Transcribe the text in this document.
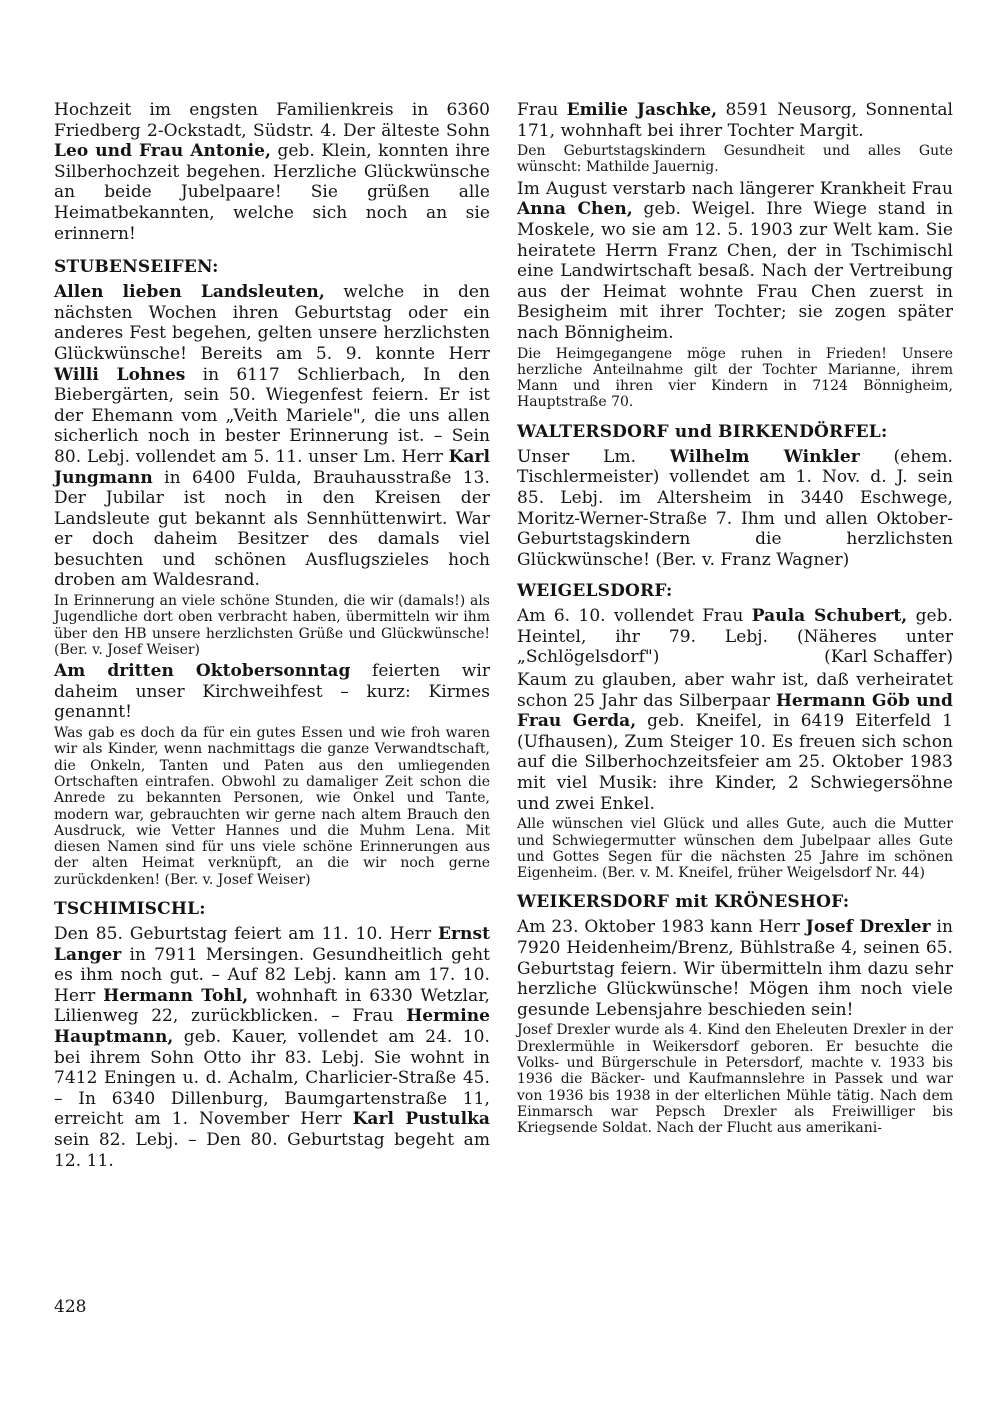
Hochzeit im engsten Familienkreis in 6360 Friedberg 2-Ockstadt, Südstr. 4. Der älteste Sohn Leo und Frau Antonie, geb. Klein, konnten ihre Silberhochzeit begehen. Herzliche Glückwünsche an beide Jubelpaare! Sie grüßen alle Heimatbekannten, welche sich noch an sie erinnern!

STUBENSEIFEN:

Allen lieben Landsleuten, welche in den nächsten Wochen ihren Geburtstag oder ein anderes Fest begehen, gelten unsere herzlichsten Glückwünsche! Bereits am 5. 9. konnte Herr Willi Lohnes in 6117 Schlierbach, In den Biebergärten, sein 50. Wiegenfest feiern. Er ist der Ehemann vom „Veith Mariele", die uns allen sicherlich noch in bester Erinnerung ist. – Sein 80. Lebj. vollendet am 5. 11. unser Lm. Herr Karl Jungmann in 6400 Fulda, Brauhausstraße 13. Der Jubilar ist noch in den Kreisen der Landsleute gut bekannt als Sennhüttenwirt. War er doch daheim Besitzer des damals viel besuchten und schönen Ausflugszieles hoch droben am Waldesrand.

In Erinnerung an viele schöne Stunden, die wir (damals!) als Jugendliche dort oben verbracht haben, übermitteln wir ihm über den HB unsere herzlichsten Grüße und Glückwünsche! (Ber. v. Josef Weiser)

Am dritten Oktobersonntag feierten wir daheim unser Kirchweihfest – kurz: Kirmes genannt!

Was gab es doch da für ein gutes Essen und wie froh waren wir als Kinder, wenn nachmittags die ganze Verwandtschaft, die Onkeln, Tanten und Paten aus den umliegenden Ortschaften eintrafen. Obwohl zu damaliger Zeit schon die Anrede zu bekannten Personen, wie Onkel und Tante, modern war, gebrauchten wir gerne nach altem Brauch den Ausdruck, wie Vetter Hannes und die Muhm Lena. Mit diesen Namen sind für uns viele schöne Erinnerungen aus der alten Heimat verknüpft, an die wir noch gerne zurückdenken! (Ber. v. Josef Weiser)

TSCHIMISCHL:

Den 85. Geburtstag feiert am 11. 10. Herr Ernst Langer in 7911 Mersingen. Gesundheitlich geht es ihm noch gut. – Auf 82 Lebj. kann am 17. 10. Herr Hermann Tohl, wohnhaft in 6330 Wetzlar, Lilienweg 22, zurückblicken. – Frau Hermine Hauptmann, geb. Kauer, vollendet am 24. 10. bei ihrem Sohn Otto ihr 83. Lebj. Sie wohnt in 7412 Eningen u. d. Achalm, Charlicier-Straße 45. – In 6340 Dillenburg, Baumgartenstraße 11, erreicht am 1. November Herr Karl Pustulka sein 82. Lebj. – Den 80. Geburtstag begeht am 12. 11.

Frau Emilie Jaschke, 8591 Neusorg, Sonnental 171, wohnhaft bei ihrer Tochter Margit.

Den Geburtstagskindern Gesundheit und alles Gute wünscht: Mathilde Jauernig.

Im August verstarb nach längerer Krankheit Frau Anna Chen, geb. Weigel. Ihre Wiege stand in Moskele, wo sie am 12. 5. 1903 zur Welt kam. Sie heiratete Herrn Franz Chen, der in Tschimischl eine Landwirtschaft besaß. Nach der Vertreibung aus der Heimat wohnte Frau Chen zuerst in Besigheim mit ihrer Tochter; sie zogen später nach Bönnigheim.

Die Heimgegangene möge ruhen in Frieden! Unsere herzliche Anteilnahme gilt der Tochter Marianne, ihrem Mann und ihren vier Kindern in 7124 Bönnigheim, Hauptstraße 70.

WALTERSDORF und BIRKENDÖRFEL:

Unser Lm. Wilhelm Winkler (ehem. Tischlermeister) vollendet am 1. Nov. d. J. sein 85. Lebj. im Altersheim in 3440 Eschwege, Moritz-Werner-Straße 7. Ihm und allen Oktober-Geburtstagskindern die herzlichsten Glückwünsche! (Ber. v. Franz Wagner)

WEIGELSDORF:

Am 6. 10. vollendet Frau Paula Schubert, geb. Heintel, ihr 79. Lebj. (Näheres unter „Schlögelsdorf")	(Karl Schaffer)

Kaum zu glauben, aber wahr ist, daß verheiratet schon 25 Jahr das Silberpaar Hermann Göb und Frau Gerda, geb. Kneifel, in 6419 Eiterfeld 1 (Ufhausen), Zum Steiger 10. Es freuen sich schon auf die Silberhochzeitsfeier am 25. Oktober 1983 mit viel Musik: ihre Kinder, 2 Schwiegersöhne und zwei Enkel.

Alle wünschen viel Glück und alles Gute, auch die Mutter und Schwiegermutter wünschen dem Jubelpaar alles Gute und Gottes Segen für die nächsten 25 Jahre im schönen Eigenheim. (Ber. v. M. Kneifel, früher Weigelsdorf Nr. 44)

WEIKERSDORF mit KRÖNESHOF:

Am 23. Oktober 1983 kann Herr Josef Drexler in 7920 Heidenheim/Brenz, Bühlstraße 4, seinen 65. Geburtstag feiern. Wir übermitteln ihm dazu sehr herzliche Glückwünsche! Mögen ihm noch viele gesunde Lebensjahre beschieden sein!

Josef Drexler wurde als 4. Kind den Eheleuten Drexler in der Drexlermühle in Weikersdorf geboren. Er besuchte die Volks- und Bürgerschule in Petersdorf, machte v. 1933 bis 1936 die Bäcker- und Kaufmannslehre in Passek und war von 1936 bis 1938 in der elterlichen Mühle tätig. Nach dem Einmarsch war Pepsch Drexler als Freiwilliger bis Kriegsende Soldat. Nach der Flucht aus amerikani-

428
